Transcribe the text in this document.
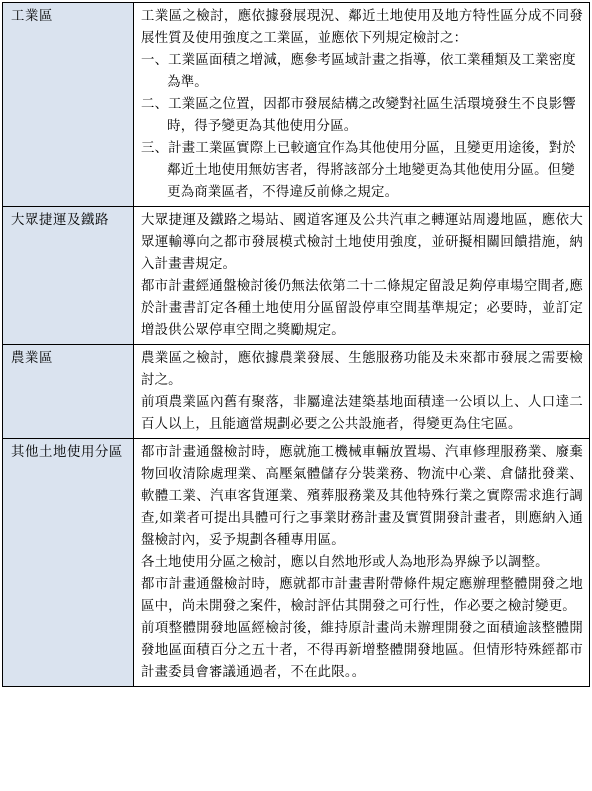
工業區	工業區之檢討，應依據發展現況、鄰近土地使用及地方特性區分成不同發展性質及使用強度之工業區，並應依下列規定檢討之：

一、工業區面積之增減，應參考區域計畫之指導，依工業種類及工業密度為準。

二、工業區之位置，因都市發展結構之改變對社區生活環境發生不良影響時，得予變更為其他使用分區。

三、計畫工業區實際上已較適宜作為其他使用分區，且變更用途後，對於鄰近土地使用無妨害者，得將該部分土地變更為其他使用分區。但變更為商業區者，不得違反前條之規定。

大眾捷運及鐵路	大眾捷運及鐵路之場站、國道客運及公共汽車之轉運站周邊地區，應依大眾運輸導向之都市發展模式檢討土地使用強度，並研擬相關回饋措施，納入計畫書規定。

都市計畫經通盤檢討後仍無法依第二十二條規定留設足夠停車場空間者,應於計畫書訂定各種土地使用分區留設停車空間基準規定；必要時，並訂定增設供公眾停車空間之獎勵規定。

農業區	農業區之檢討，應依據農業發展、生態服務功能及未來都市發展之需要檢討之。

前項農業區內舊有聚落，非屬違法建築基地面積達一公頃以上、人口達二百人以上，且能適當規劃必要之公共設施者，得變更為住宅區。

其他土地使用分區	都市計畫通盤檢討時，應就施工機械車輛放置場、汽車修理服務業、廢棄物回收清除處理業、高壓氣體儲存分裝業務、物流中心業、倉儲批發業、軟體工業、汽車客貨運業、殯葬服務業及其他特殊行業之實際需求進行調查,如業者可提出具體可行之事業財務計畫及實質開發計畫者，則應納入通盤檢討內，妥予規劃各種專用區。

各土地使用分區之檢討，應以自然地形或人為地形為界線予以調整。

都市計畫通盤檢討時，應就都市計畫書附帶條件規定應辦理整體開發之地區中，尚未開發之案件，檢討評估其開發之可行性，作必要之檢討變更。

前項整體開發地區經檢討後，維持原計畫尚未辦理開發之面積逾該整體開發地區面積百分之五十者，不得再新增整體開發地區。但情形特殊經都市計畫委員會審議通過者，不在此限。。
